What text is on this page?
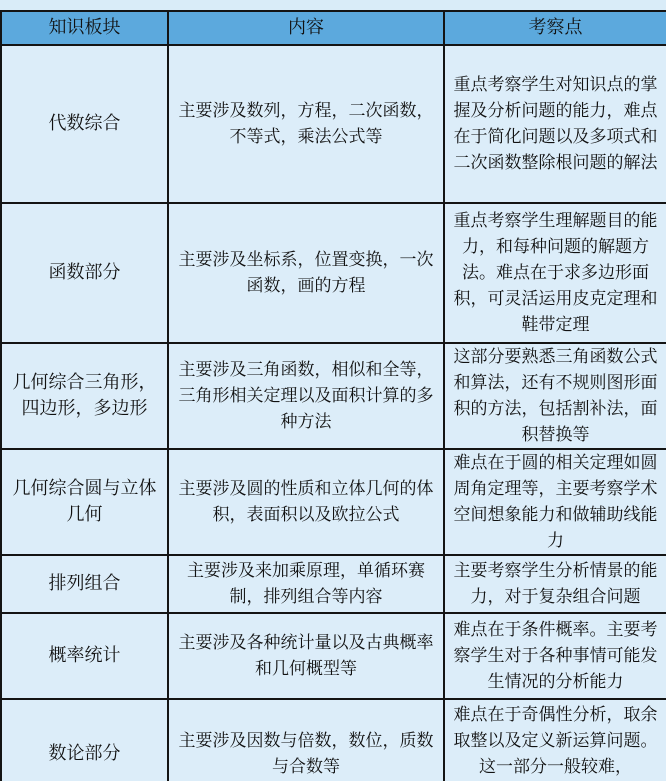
知识板块	内容	考察点
代数综合	主要涉及数列，方程，二次函数，不等式，乘法公式等	重点考察学生对知识点的掌握及分析问题的能力，难点在于简化问题以及多项式和二次函数整除根问题的解法
函数部分	主要涉及坐标系，位置变换，一次函数，画的方程	重点考察学生理解题目的能力，和每种问题的解题方法。难点在于求多边形面积，可灵活运用皮克定理和鞋带定理
几何综合三角形，四边形，多边形	主要涉及三角函数，相似和全等，三角形相关定理以及面积计算的多种方法	这部分要熟悉三角函数公式和算法，还有不规则图形面积的方法，包括割补法，面积替换等
几何综合圆与立体几何	主要涉及圆的性质和立体几何的体积，表面积以及欧拉公式	难点在于圆的相关定理如圆周角定理等，主要考察学术空间想象能力和做辅助线能力
排列组合	主要涉及来加乘原理，单循环赛制，排列组合等内容	主要考察学生分析情景的能力，对于复杂组合问题
概率统计	主要涉及各种统计量以及古典概率和几何概型等	难点在于条件概率。主要考察学生对于各种事情可能发生情况的分析能力
数论部分	主要涉及因数与倍数，数位，质数与合数等	难点在于奇偶性分析，取余取整以及定义新运算问题。这一部分一般较难，
